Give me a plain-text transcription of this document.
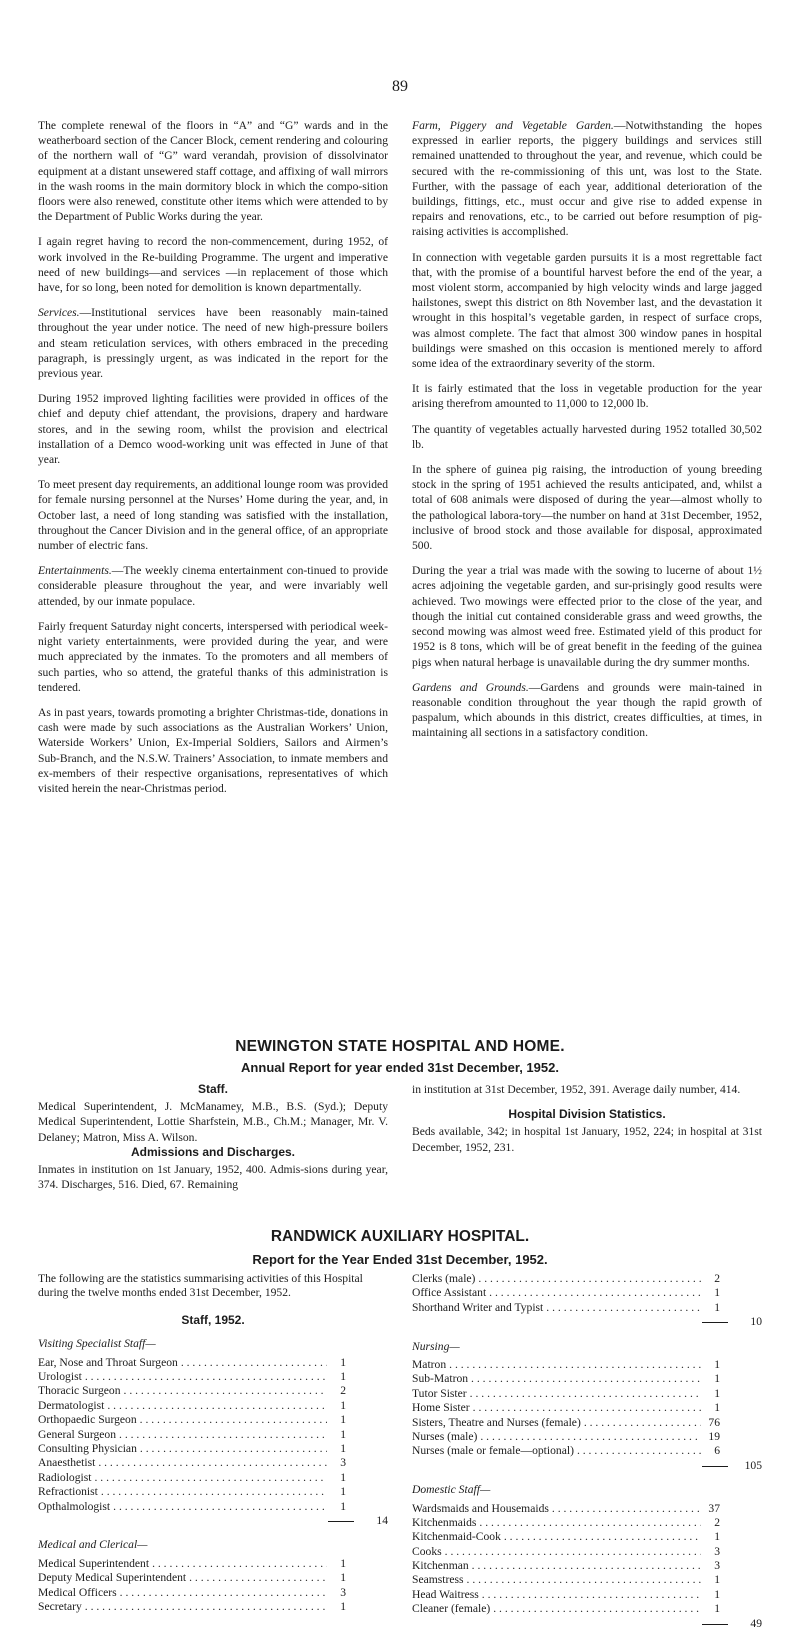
89

The complete renewal of the floors in “A” and “G” wards and in the weatherboard section of the Cancer Block, cement rendering and colouring of the northern wall of “G” ward verandah, provision of dissolvinator equipment at a distant unsewered staff cottage, and affixing of wall mirrors in the wash rooms in the main dormitory block in which the compo-sition floors were also renewed, constitute other items which were attended to by the Department of Public Works during the year.

I again regret having to record the non-commencement, during 1952, of work involved in the Re-building Programme. The urgent and imperative need of new buildings—and services —in replacement of those which have, for so long, been noted for demolition is known departmentally.

Services.—Institutional services have been reasonably main-tained throughout the year under notice. The need of new high-pressure boilers and steam reticulation services, with others embraced in the preceding paragraph, is pressingly urgent, as was indicated in the report for the previous year.

During 1952 improved lighting facilities were provided in offices of the chief and deputy chief attendant, the provisions, drapery and hardware stores, and in the sewing room, whilst the provision and electrical installation of a Demco wood-working unit was effected in June of that year.

To meet present day requirements, an additional lounge room was provided for female nursing personnel at the Nurses’ Home during the year, and, in October last, a need of long standing was satisfied with the installation, throughout the Cancer Division and in the general office, of an appropriate number of electric fans.

Entertainments.—The weekly cinema entertainment con-tinued to provide considerable pleasure throughout the year, and were invariably well attended, by our inmate populace.

Fairly frequent Saturday night concerts, interspersed with periodical week-night variety entertainments, were provided during the year, and were much appreciated by the inmates. To the promoters and all members of such parties, who so attend, the grateful thanks of this administration is tendered.

As in past years, towards promoting a brighter Christmas-tide, donations in cash were made by such associations as the Australian Workers’ Union, Waterside Workers’ Union, Ex-Imperial Soldiers, Sailors and Airmen’s Sub-Branch, and the N.S.W. Trainers’ Association, to inmate members and ex-members of their respective organisations, representatives of which visited herein the near-Christmas period.

Farm, Piggery and Vegetable Garden.—Notwithstanding the hopes expressed in earlier reports, the piggery buildings and services still remained unattended to throughout the year, and revenue, which could be secured with the re-commissioning of this unt, was lost to the State. Further, with the passage of each year, additional deterioration of the buildings, fittings, etc., must occur and give rise to added expense in repairs and renovations, etc., to be carried out before resumption of pig-raising activities is accomplished.

In connection with vegetable garden pursuits it is a most regrettable fact that, with the promise of a bountiful harvest before the end of the year, a most violent storm, accompanied by high velocity winds and large jagged hailstones, swept this district on 8th November last, and the devastation it wrought in this hospital’s vegetable garden, in respect of surface crops, was almost complete. The fact that almost 300 window panes in hospital buildings were smashed on this occasion is mentioned merely to afford some idea of the extraordinary severity of the storm.

It is fairly estimated that the loss in vegetable production for the year arising therefrom amounted to 11,000 to 12,000 lb.

The quantity of vegetables actually harvested during 1952 totalled 30,502 lb.

In the sphere of guinea pig raising, the introduction of young breeding stock in the spring of 1951 achieved the results anticipated, and, whilst a total of 608 animals were disposed of during the year—almost wholly to the pathological labora-tory—the number on hand at 31st December, 1952, inclusive of brood stock and those available for disposal, approximated 500.

During the year a trial was made with the sowing to lucerne of about 1½ acres adjoining the vegetable garden, and sur-prisingly good results were achieved. Two mowings were effected prior to the close of the year, and though the initial cut contained considerable grass and weed growths, the second mowing was almost weed free. Estimated yield of this product for 1952 is 8 tons, which will be of great benefit in the feeding of the guinea pigs when natural herbage is unavailable during the dry summer months.

Gardens and Grounds.—Gardens and grounds were main-tained in reasonable condition throughout the year though the rapid growth of paspalum, which abounds in this district, creates difficulties, at times, in maintaining all sections in a satisfactory condition.

NEWINGTON STATE HOSPITAL AND HOME.
Annual Report for year ended 31st December, 1952.
Staff.

Medical Superintendent, J. McManamey, M.B., B.S. (Syd.); Deputy Medical Superintendent, Lottie Sharfstein, M.B., Ch.M.; Manager, Mr. V. Delaney; Matron, Miss A. Wilson.

Admissions and Discharges.

Inmates in institution on 1st January, 1952, 400. Admis-sions during year, 374. Discharges, 516. Died, 67. Remaining

in institution at 31st December, 1952, 391. Average daily number, 414.

Hospital Division Statistics.

Beds available, 342; in hospital 1st January, 1952, 224; in hospital at 31st December, 1952, 231.

RANDWICK AUXILIARY HOSPITAL.
Report for the Year Ended 31st December, 1952.

The following are the statistics summarising activities of this Hospital during the twelve months ended 31st December, 1952.

Staff, 1952.
Visiting Specialist Staff—
Ear, Nose and Throat Surgeon . . .	1
Urologist . . .	1
Thoracic Surgeon . . .	2
Dermatologist . . .	1
Orthopaedic Surgeon . . .	1
General Surgeon . . .	1
Consulting Physician . . .	1
Anaesthetist . . .	3
Radiologist . . .	1
Refractionist . . .	1
Opthalmologist . . .	1
14
Medical and Clerical—
Medical Superintendent . . .	1
Deputy Medical Superintendent . . .	1
Medical Officers . . .	3
Secretary . . .	1
Clerks (male) . . .	2
Office Assistant . . .	1
Shorthand Writer and Typist . . .	1
10
Nursing—
Matron . . .	1
Sub-Matron . . .	1
Tutor Sister . . .	1
Home Sister . . .	1
Sisters, Theatre and Nurses (female) . . .	76
Nurses (male) . . .	19
Nurses (male or female—optional) . . .	6
105
Domestic Staff—
Wardsmaids and Housemaids . . .	37
Kitchenmaids . . .	2
Kitchenmaid-Cook . . .	1
Cooks . . .	3
Kitchenman . . .	3
Seamstress . . .	1
Head Waitress . . .	1
Cleaner (female) . . .	1
49
